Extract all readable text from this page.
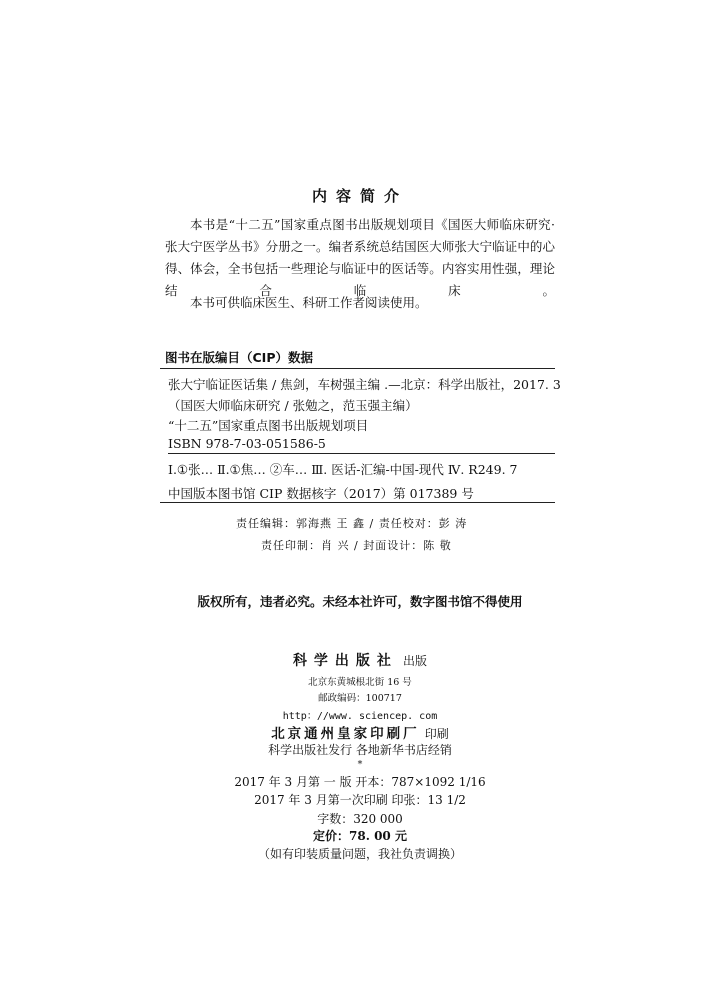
内容简介

本书是“十二五”国家重点图书出版规划项目《国医大师临床研究·张大宁医学丛书》分册之一。编者系统总结国医大师张大宁临证中的心得、体会，全书包括一些理论与临证中的医话等。内容实用性强，理论结合临床。

本书可供临床医生、科研工作者阅读使用。

图书在版编目（CIP）数据
张大宁临证医话集 / 焦剑，车树强主编 .—北京：科学出版社，2017. 3
（国医大师临床研究 / 张勉之，范玉强主编）
“十二五”国家重点图书出版规划项目
ISBN 978-7-03-051586-5
Ⅰ.①张… Ⅱ.①焦… ②车… Ⅲ. 医话-汇编-中国-现代 Ⅳ. R249. 7
中国版本图书馆 CIP 数据核字（2017）第 017389 号
责任编辑：郭海燕 王 鑫 / 责任校对：彭 涛
责任印制：肖 兴 / 封面设计：陈 敬
版权所有，违者必究。未经本社许可，数字图书馆不得使用
科学出版社 出版
北京东黄城根北街 16 号
邮政编码：100717
http：//www. sciencep. com
北京通州皇家印刷厂 印刷
科学出版社发行 各地新华书店经销
*
2017 年 3 月第 一 版 开本：787×1092 1/16
2017 年 3 月第一次印刷 印张：13 1/2
字数：320 000
定价：78. 00 元
（如有印装质量问题，我社负责调换）
